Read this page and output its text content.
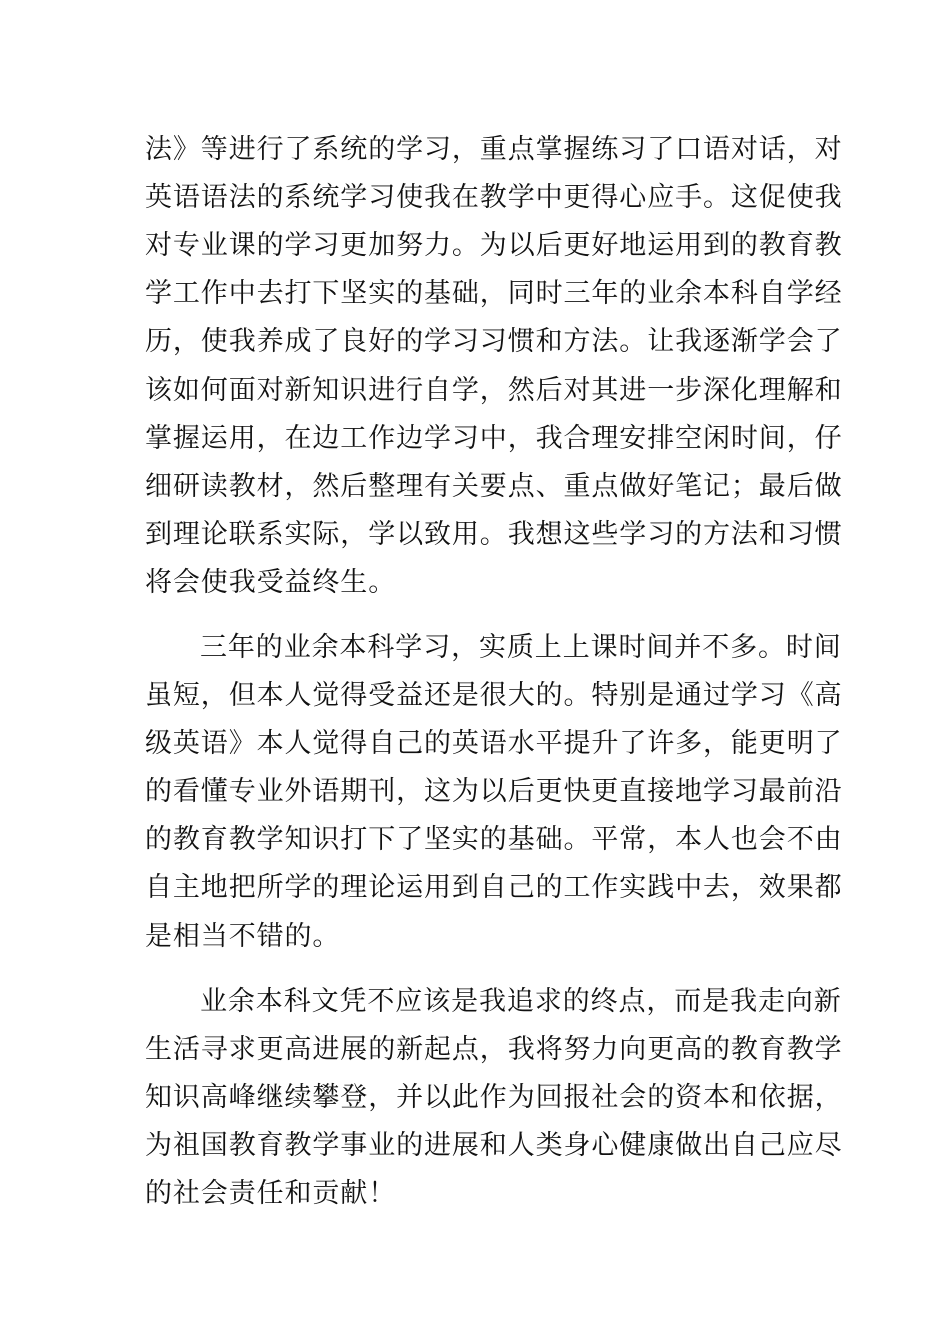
法》等进行了系统的学习，重点掌握练习了口语对话，对
英语语法的系统学习使我在教学中更得心应手。这促使我
对专业课的学习更加努力。为以后更好地运用到的教育教
学工作中去打下坚实的基础，同时三年的业余本科自学经
历，使我养成了良好的学习习惯和方法。让我逐渐学会了
该如何面对新知识进行自学，然后对其进一步深化理解和
掌握运用，在边工作边学习中，我合理安排空闲时间，仔
细研读教材，然后整理有关要点、重点做好笔记；最后做
到理论联系实际，学以致用。我想这些学习的方法和习惯
将会使我受益终生。
三年的业余本科学习，实质上上课时间并不多。时间
虽短，但本人觉得受益还是很大的。特别是通过学习《高
级英语》本人觉得自己的英语水平提升了许多，能更明了
的看懂专业外语期刊，这为以后更快更直接地学习最前沿
的教育教学知识打下了坚实的基础。平常，本人也会不由
自主地把所学的理论运用到自己的工作实践中去，效果都
是相当不错的。
业余本科文凭不应该是我追求的终点，而是我走向新
生活寻求更高进展的新起点，我将努力向更高的教育教学
知识高峰继续攀登，并以此作为回报社会的资本和依据，
为祖国教育教学事业的进展和人类身心健康做出自己应尽
的社会责任和贡献！
